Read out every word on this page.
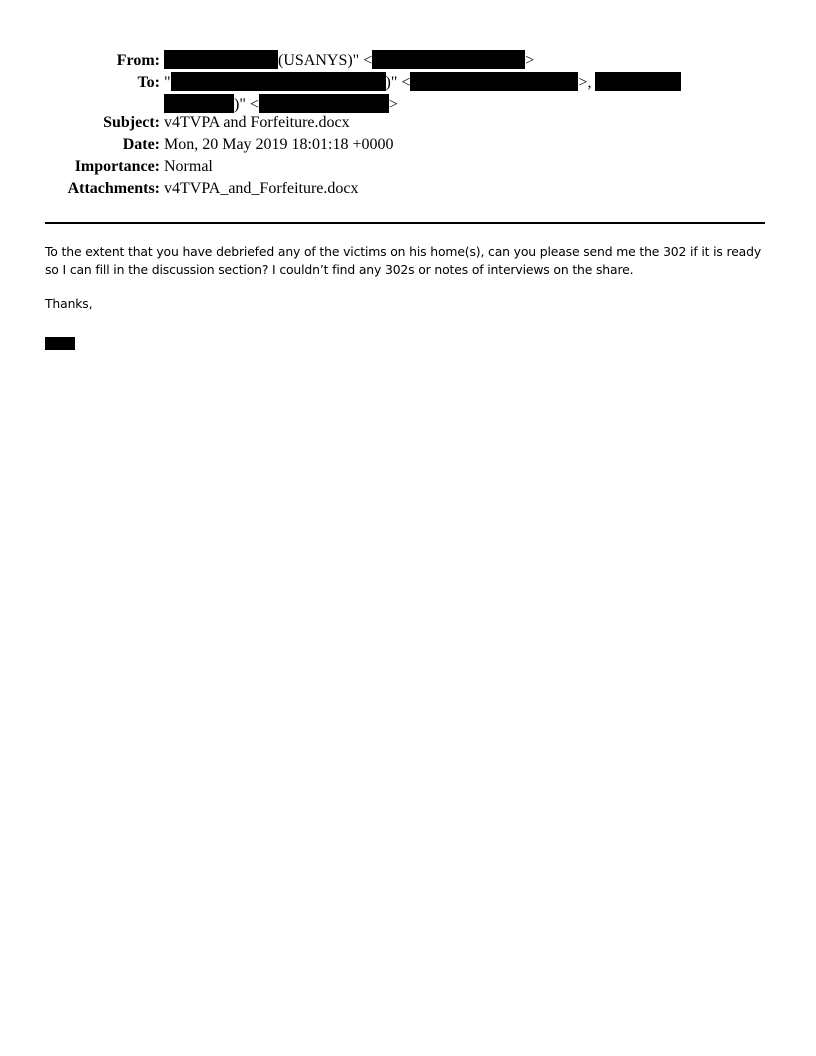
From:	(USANYS)" <	>
To: "	)" <	>,
)" <	>
Subject: v4TVPA and Forfeiture.docx
Date: Mon, 20 May 2019 18:01:18 +0000
Importance: Normal
Attachments: v4TVPA_and_Forfeiture.docx

To the extent that you have debriefed any of the victims on his home(s), can you please send me the 302 if it is ready so I can fill in the discussion section? I couldn’t find any 302s or notes of interviews on the share.

Thanks,
